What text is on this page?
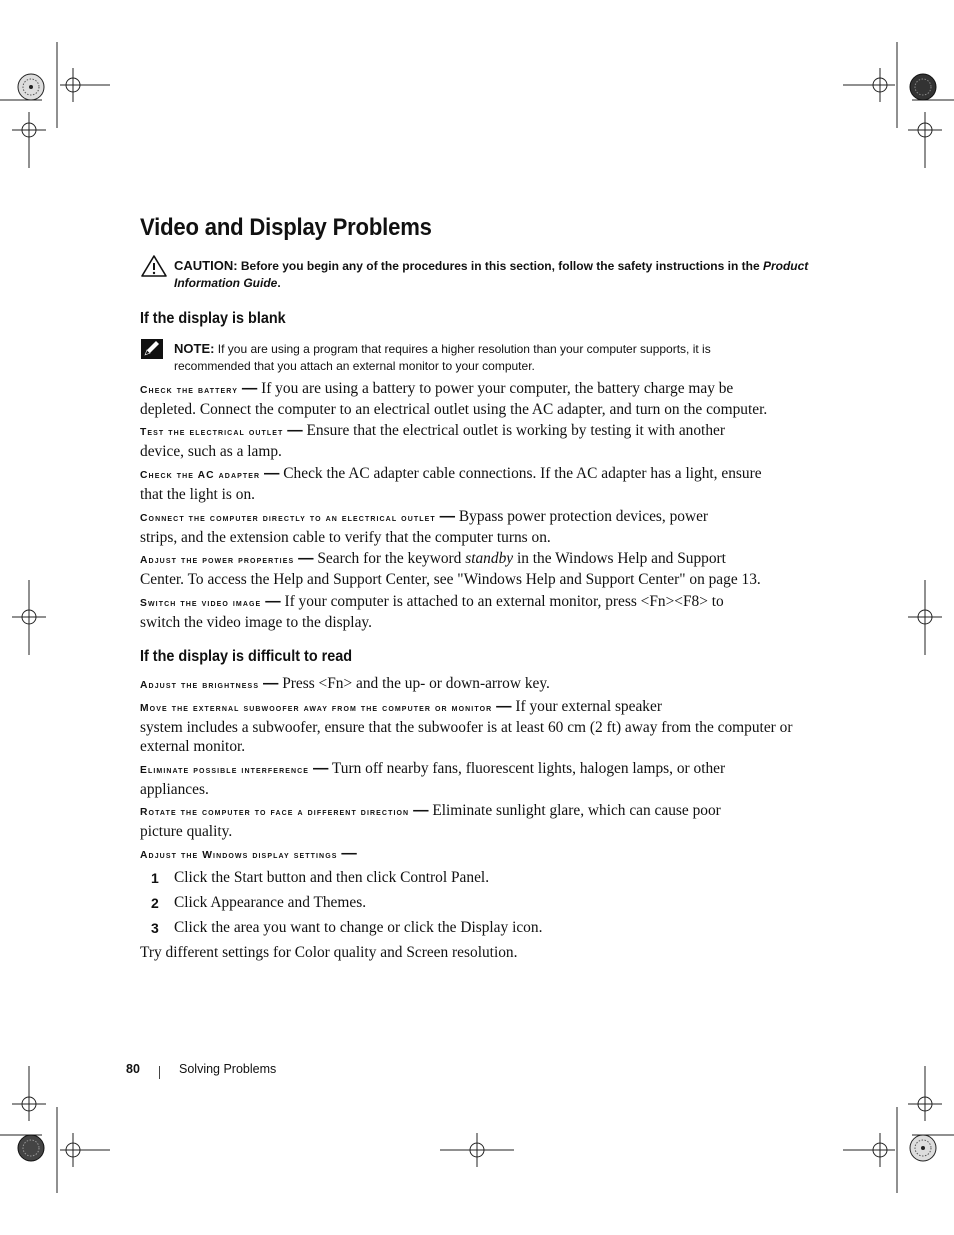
Video and Display Problems
CAUTION: Before you begin any of the procedures in this section, follow the safety instructions in the Product
Information Guide.
If the display is blank
NOTE: If you are using a program that requires a higher resolution than your computer supports, it is
recommended that you attach an external monitor to your computer.
Check the battery — If you are using a battery to power your computer, the battery charge may be
depleted. Connect the computer to an electrical outlet using the AC adapter, and turn on the computer.
Test the electrical outlet — Ensure that the electrical outlet is working by testing it with another
device, such as a lamp.
Check the AC adapter — Check the AC adapter cable connections. If the AC adapter has a light, ensure
that the light is on.
Connect the computer directly to an electrical outlet — Bypass power protection devices, power
strips, and the extension cable to verify that the computer turns on.
Adjust the power properties — Search for the keyword standby in the Windows Help and Support
Center. To access the Help and Support Center, see "Windows Help and Support Center" on page 13.
Switch the video image — If your computer is attached to an external monitor, press <Fn><F8> to
switch the video image to the display.
If the display is difficult to read
Adjust the brightness — Press <Fn> and the up- or down-arrow key.
Move the external subwoofer away from the computer or monitor — If your external speaker
system includes a subwoofer, ensure that the subwoofer is at least 60 cm (2 ft) away from the computer or
external monitor.
Eliminate possible interference — Turn off nearby fans, fluorescent lights, halogen lamps, or other
appliances.
Rotate the computer to face a different direction — Eliminate sunlight glare, which can cause poor
picture quality.
Adjust the Windows display settings —
1 Click the Start button and then click Control Panel.
2 Click Appearance and Themes.
3 Click the area you want to change or click the Display icon.
Try different settings for Color quality and Screen resolution.
80	Solving Problems
